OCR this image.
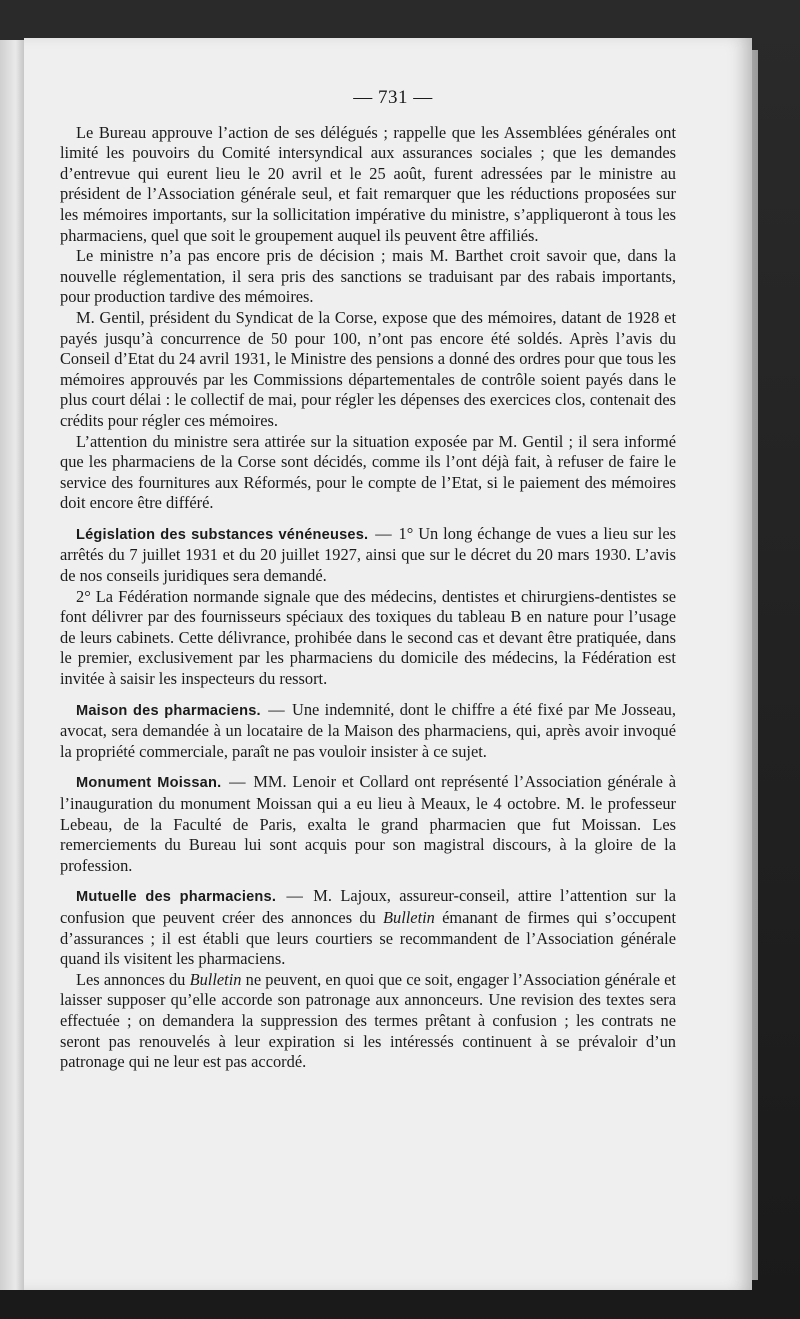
— 731 —

Le Bureau approuve l’action de ses délégués ; rappelle que les Assemblées générales ont limité les pouvoirs du Comité intersyndical aux assurances sociales ; que les demandes d’entrevue qui eurent lieu le 20 avril et le 25 août, furent adressées par le ministre au président de l’Association générale seul, et fait remarquer que les réductions proposées sur les mémoires importants, sur la sollicitation impérative du ministre, s’appliqueront à tous les pharmaciens, quel que soit le groupement auquel ils peuvent être affiliés.

Le ministre n’a pas encore pris de décision ; mais M. Barthet croit savoir que, dans la nouvelle réglementation, il sera pris des sanctions se traduisant par des rabais importants, pour production tardive des mémoires.

M. Gentil, président du Syndicat de la Corse, expose que des mémoires, datant de 1928 et payés jusqu’à concurrence de 50 pour 100, n’ont pas encore été soldés. Après l’avis du Conseil d’Etat du 24 avril 1931, le Ministre des pensions a donné des ordres pour que tous les mémoires approuvés par les Commissions départementales de contrôle soient payés dans le plus court délai : le collectif de mai, pour régler les dépenses des exercices clos, contenait des crédits pour régler ces mémoires.

L’attention du ministre sera attirée sur la situation exposée par M. Gentil ; il sera informé que les pharmaciens de la Corse sont décidés, comme ils l’ont déjà fait, à refuser de faire le service des fournitures aux Réformés, pour le compte de l’Etat, si le paiement des mémoires doit encore être différé.

Législation des substances vénéneuses. — 1° Un long échange de vues a lieu sur les arrêtés du 7 juillet 1931 et du 20 juillet 1927, ainsi que sur le décret du 20 mars 1930. L’avis de nos conseils juridiques sera demandé.

2° La Fédération normande signale que des médecins, dentistes et chirurgiens-dentistes se font délivrer par des fournisseurs spéciaux des toxiques du tableau B en nature pour l’usage de leurs cabinets. Cette délivrance, prohibée dans le second cas et devant être pratiquée, dans le premier, exclusivement par les pharmaciens du domicile des médecins, la Fédération est invitée à saisir les inspecteurs du ressort.

Maison des pharmaciens. — Une indemnité, dont le chiffre a été fixé par Me Josseau, avocat, sera demandée à un locataire de la Maison des pharmaciens, qui, après avoir invoqué la propriété commerciale, paraît ne pas vouloir insister à ce sujet.

Monument Moissan. — MM. Lenoir et Collard ont représenté l’Association générale à l’inauguration du monument Moissan qui a eu lieu à Meaux, le 4 octobre. M. le professeur Lebeau, de la Faculté de Paris, exalta le grand pharmacien que fut Moissan. Les remerciements du Bureau lui sont acquis pour son magistral discours, à la gloire de la profession.

Mutuelle des pharmaciens. — M. Lajoux, assureur-conseil, attire l’attention sur la confusion que peuvent créer des annonces du Bulletin émanant de firmes qui s’occupent d’assurances ; il est établi que leurs courtiers se recommandent de l’Association générale quand ils visitent les pharmaciens.

Les annonces du Bulletin ne peuvent, en quoi que ce soit, engager l’Association générale et laisser supposer qu’elle accorde son patronage aux annonceurs. Une revision des textes sera effectuée ; on demandera la suppression des termes prêtant à confusion ; les contrats ne seront pas renouvelés à leur expiration si les intéressés continuent à se prévaloir d’un patronage qui ne leur est pas accordé.
